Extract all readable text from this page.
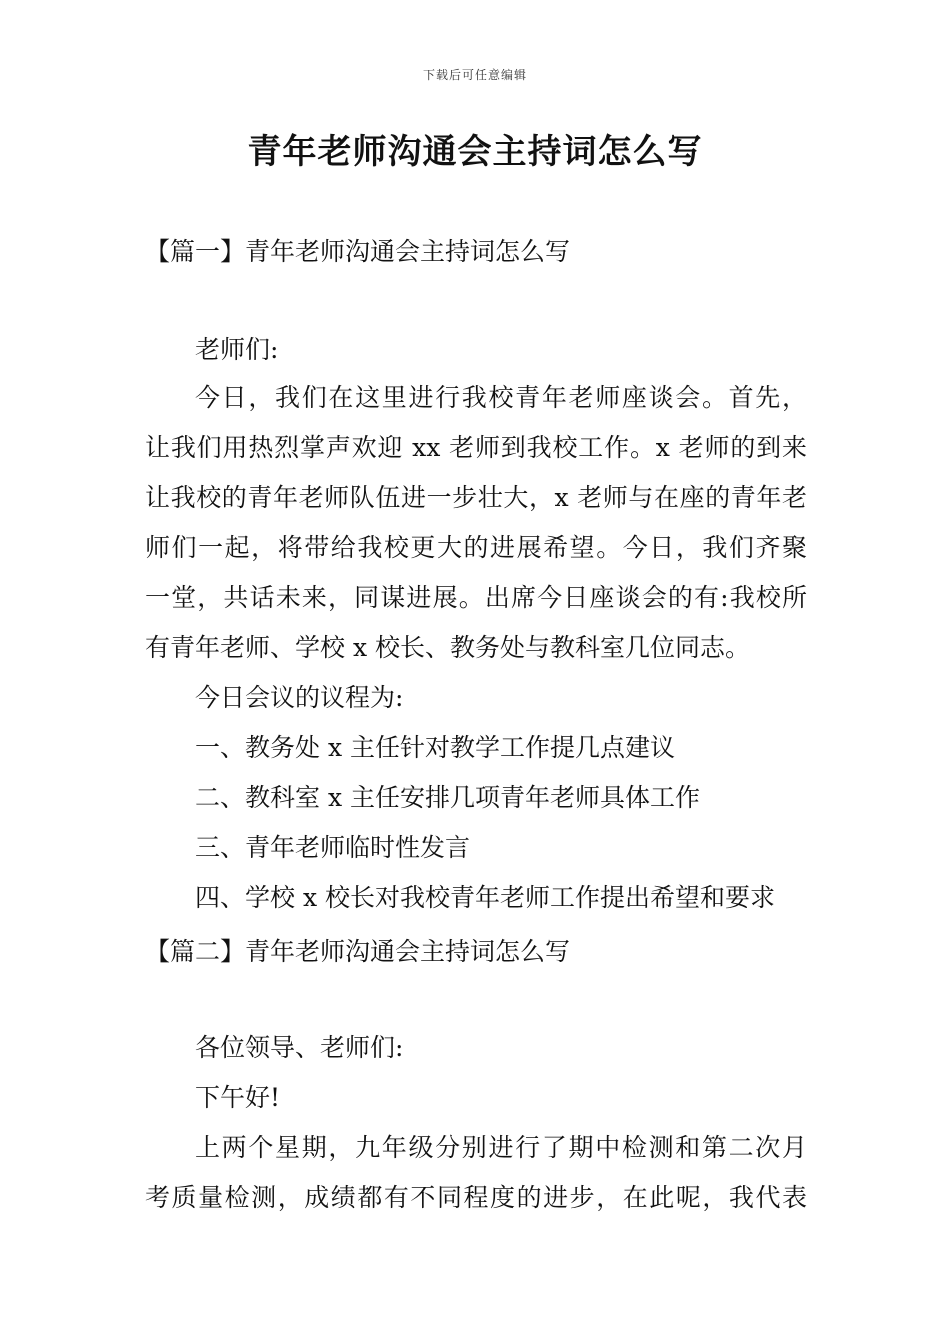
下载后可任意编辑
青年老师沟通会主持词怎么写
【篇一】青年老师沟通会主持词怎么写
老师们:
今日，我们在这里进行我校青年老师座谈会。首先，
让我们用热烈掌声欢迎 xx 老师到我校工作。x 老师的到来
让我校的青年老师队伍进一步壮大，x 老师与在座的青年老
师们一起，将带给我校更大的进展希望。今日，我们齐聚
一堂，共话未来，同谋进展。出席今日座谈会的有:我校所
有青年老师、学校 x 校长、教务处与教科室几位同志。
今日会议的议程为:
一、教务处 x 主任针对教学工作提几点建议
二、教科室 x 主任安排几项青年老师具体工作
三、青年老师临时性发言
四、学校 x 校长对我校青年老师工作提出希望和要求
【篇二】青年老师沟通会主持词怎么写
各位领导、老师们:
下午好!
上两个星期，九年级分别进行了期中检测和第二次月
考质量检测，成绩都有不同程度的进步，在此呢，我代表
